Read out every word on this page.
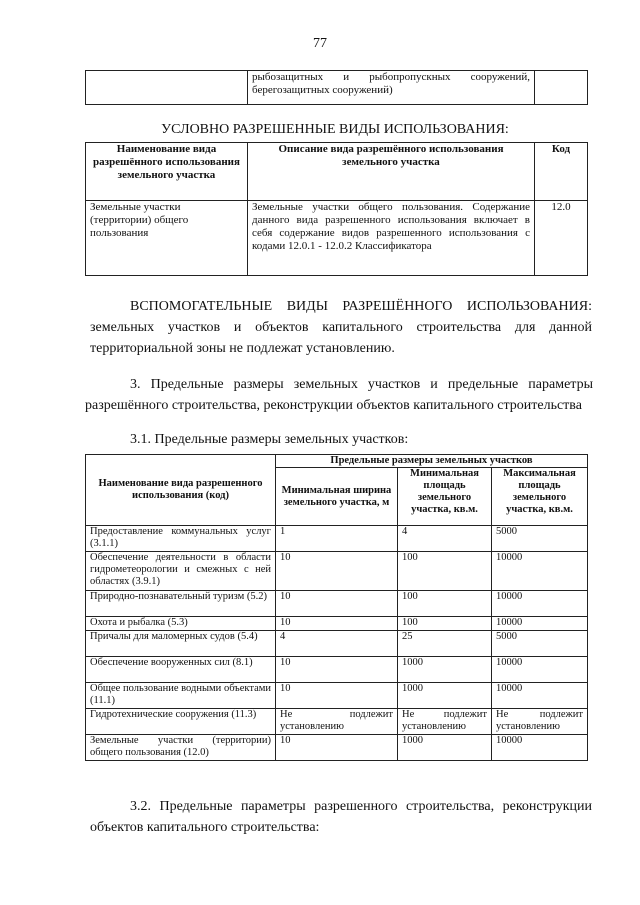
77
	рыбозащитных и рыбопропускных сооружений, берегозащитных сооружений)	
УСЛОВНО РАЗРЕШЕННЫЕ ВИДЫ ИСПОЛЬЗОВАНИЯ:
Наименование вида разрешённого использования земельного участка	Описание вида разрешённого использования земельного участка	Код
Земельные участки (территории) общего пользования	Земельные участки общего пользования. Содержание данного вида разрешенного использования включает в себя содержание видов разрешенного использования с кодами 12.0.1 - 12.0.2 Классификатора	12.0
ВСПОМОГАТЕЛЬНЫЕ ВИДЫ РАЗРЕШЁННОГО ИСПОЛЬЗОВАНИЯ: земельных участков и объектов капитального строительства для данной территориальной зоны не подлежат установлению.
3. Предельные размеры земельных участков и предельные параметры разрешённого строительства, реконструкции объектов капитального строительства
3.1. Предельные размеры земельных участков:
Наименование вида разрешенного использования (код)	Предельные размеры земельных участков		
	Минимальная ширина земельного участка, м	Минимальная площадь земельного участка, кв.м.	Максимальная площадь земельного участка, кв.м.
Предоставление коммунальных услуг (3.1.1)	1	4	5000
Обеспечение деятельности в области гидрометеорологии и смежных с ней областях (3.9.1)	10	100	10000
Природно-познавательный туризм (5.2)	10	100	10000
Охота и рыбалка (5.3)	10	100	10000
Причалы для маломерных судов (5.4)	4	25	5000
Обеспечение вооруженных сил (8.1)	10	1000	10000
Общее пользование водными объектами (11.1)	10	1000	10000
Гидротехнические сооружения (11.3)	Не подлежит установлению	Не подлежит установлению	Не подлежит установлению
Земельные участки (территории) общего пользования (12.0)	10	1000	10000
3.2. Предельные параметры разрешенного строительства, реконструкции объектов капитального строительства:
